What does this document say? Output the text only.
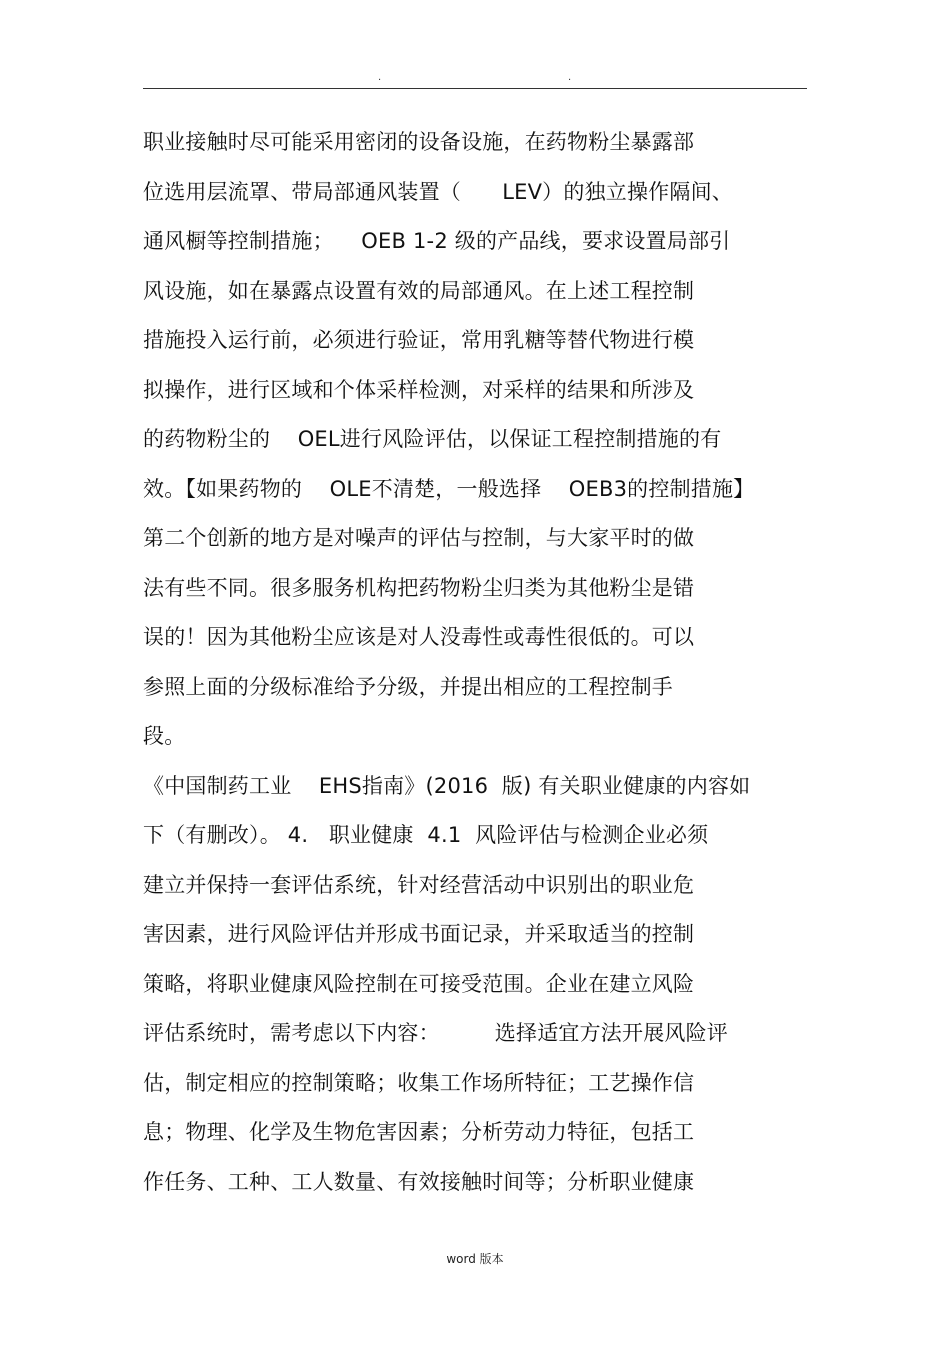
.	.
职业接触时尽可能采用密闭的设备设施，在药物粉尘暴露部
位选用层流罩、带局部通风装置（      LEV）的独立操作隔间、
通风橱等控制措施；    OEB 1-2 级的产品线，要求设置局部引
风设施，如在暴露点设置有效的局部通风。在上述工程控制
措施投入运行前，必须进行验证，常用乳糖等替代物进行模
拟操作，进行区域和个体采样检测，对采样的结果和所涉及
的药物粉尘的    OEL进行风险评估，以保证工程控制措施的有
效。【如果药物的    OLE不清楚，一般选择    OEB3的控制措施】
第二个创新的地方是对噪声的评估与控制，与大家平时的做
法有些不同。很多服务机构把药物粉尘归类为其他粉尘是错
误的！因为其他粉尘应该是对人没毒性或毒性很低的。可以
参照上面的分级标准给予分级，并提出相应的工程控制手
段。
《中国制药工业    EHS指南》(2016  版) 有关职业健康的内容如
下（有删改）。 4.   职业健康  4.1  风险评估与检测企业必须
建立并保持一套评估系统，针对经营活动中识别出的职业危
害因素，进行风险评估并形成书面记录，并采取适当的控制
策略，将职业健康风险控制在可接受范围。企业在建立风险
评估系统时，需考虑以下内容：        选择适宜方法开展风险评
估，制定相应的控制策略；收集工作场所特征；工艺操作信
息；物理、化学及生物危害因素；分析劳动力特征，包括工
作任务、工种、工人数量、有效接触时间等；分析职业健康
word 版本
